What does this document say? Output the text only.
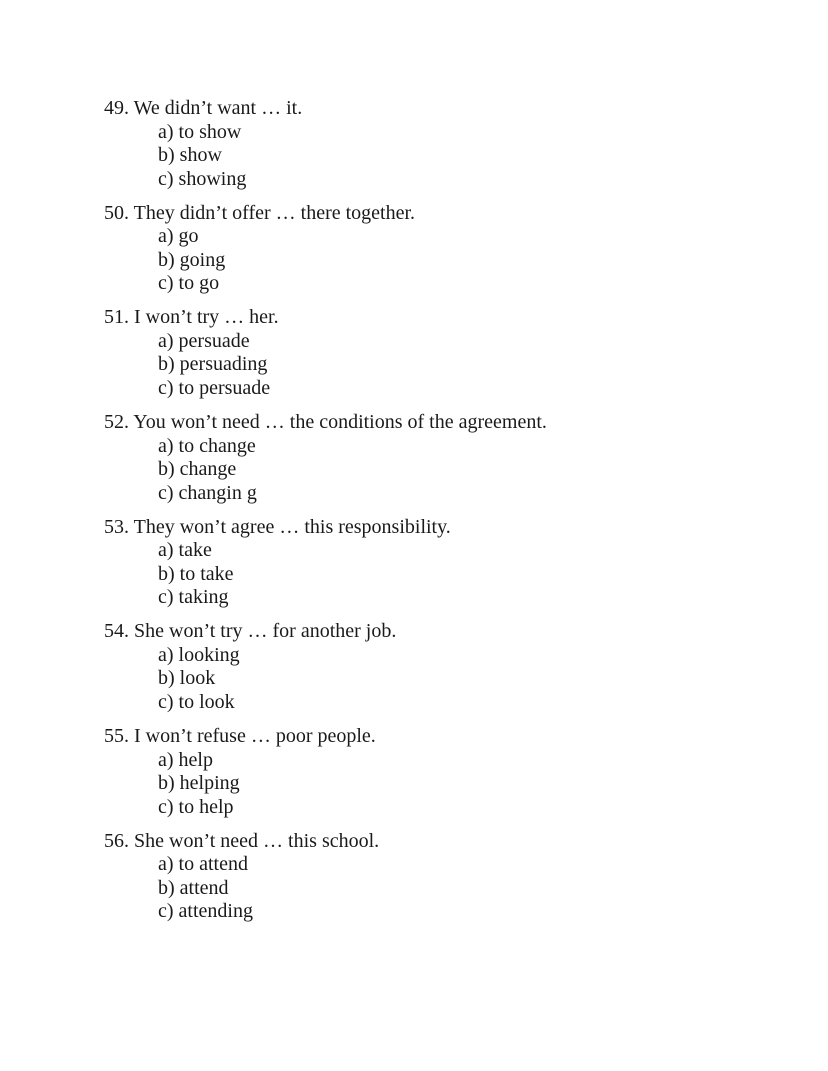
49. We didn’t want … it.
a) to show
b) show
c) showing
50. They didn’t offer … there together.
a) go
b) going
c) to go
51. I won’t try … her.
a) persuade
b) persuading
c) to persuade
52. You won’t need … the conditions of the agreement.
a) to change
b) change
c) changin g
53. They won’t agree … this responsibility.
a) take
b) to take
c) taking
54. She won’t try … for another job.
a) looking
b) look
c) to look
55. I won’t refuse … poor people.
a) help
b) helping
c) to help
56. She won’t need … this school.
a) to attend
b) attend
c) attending
